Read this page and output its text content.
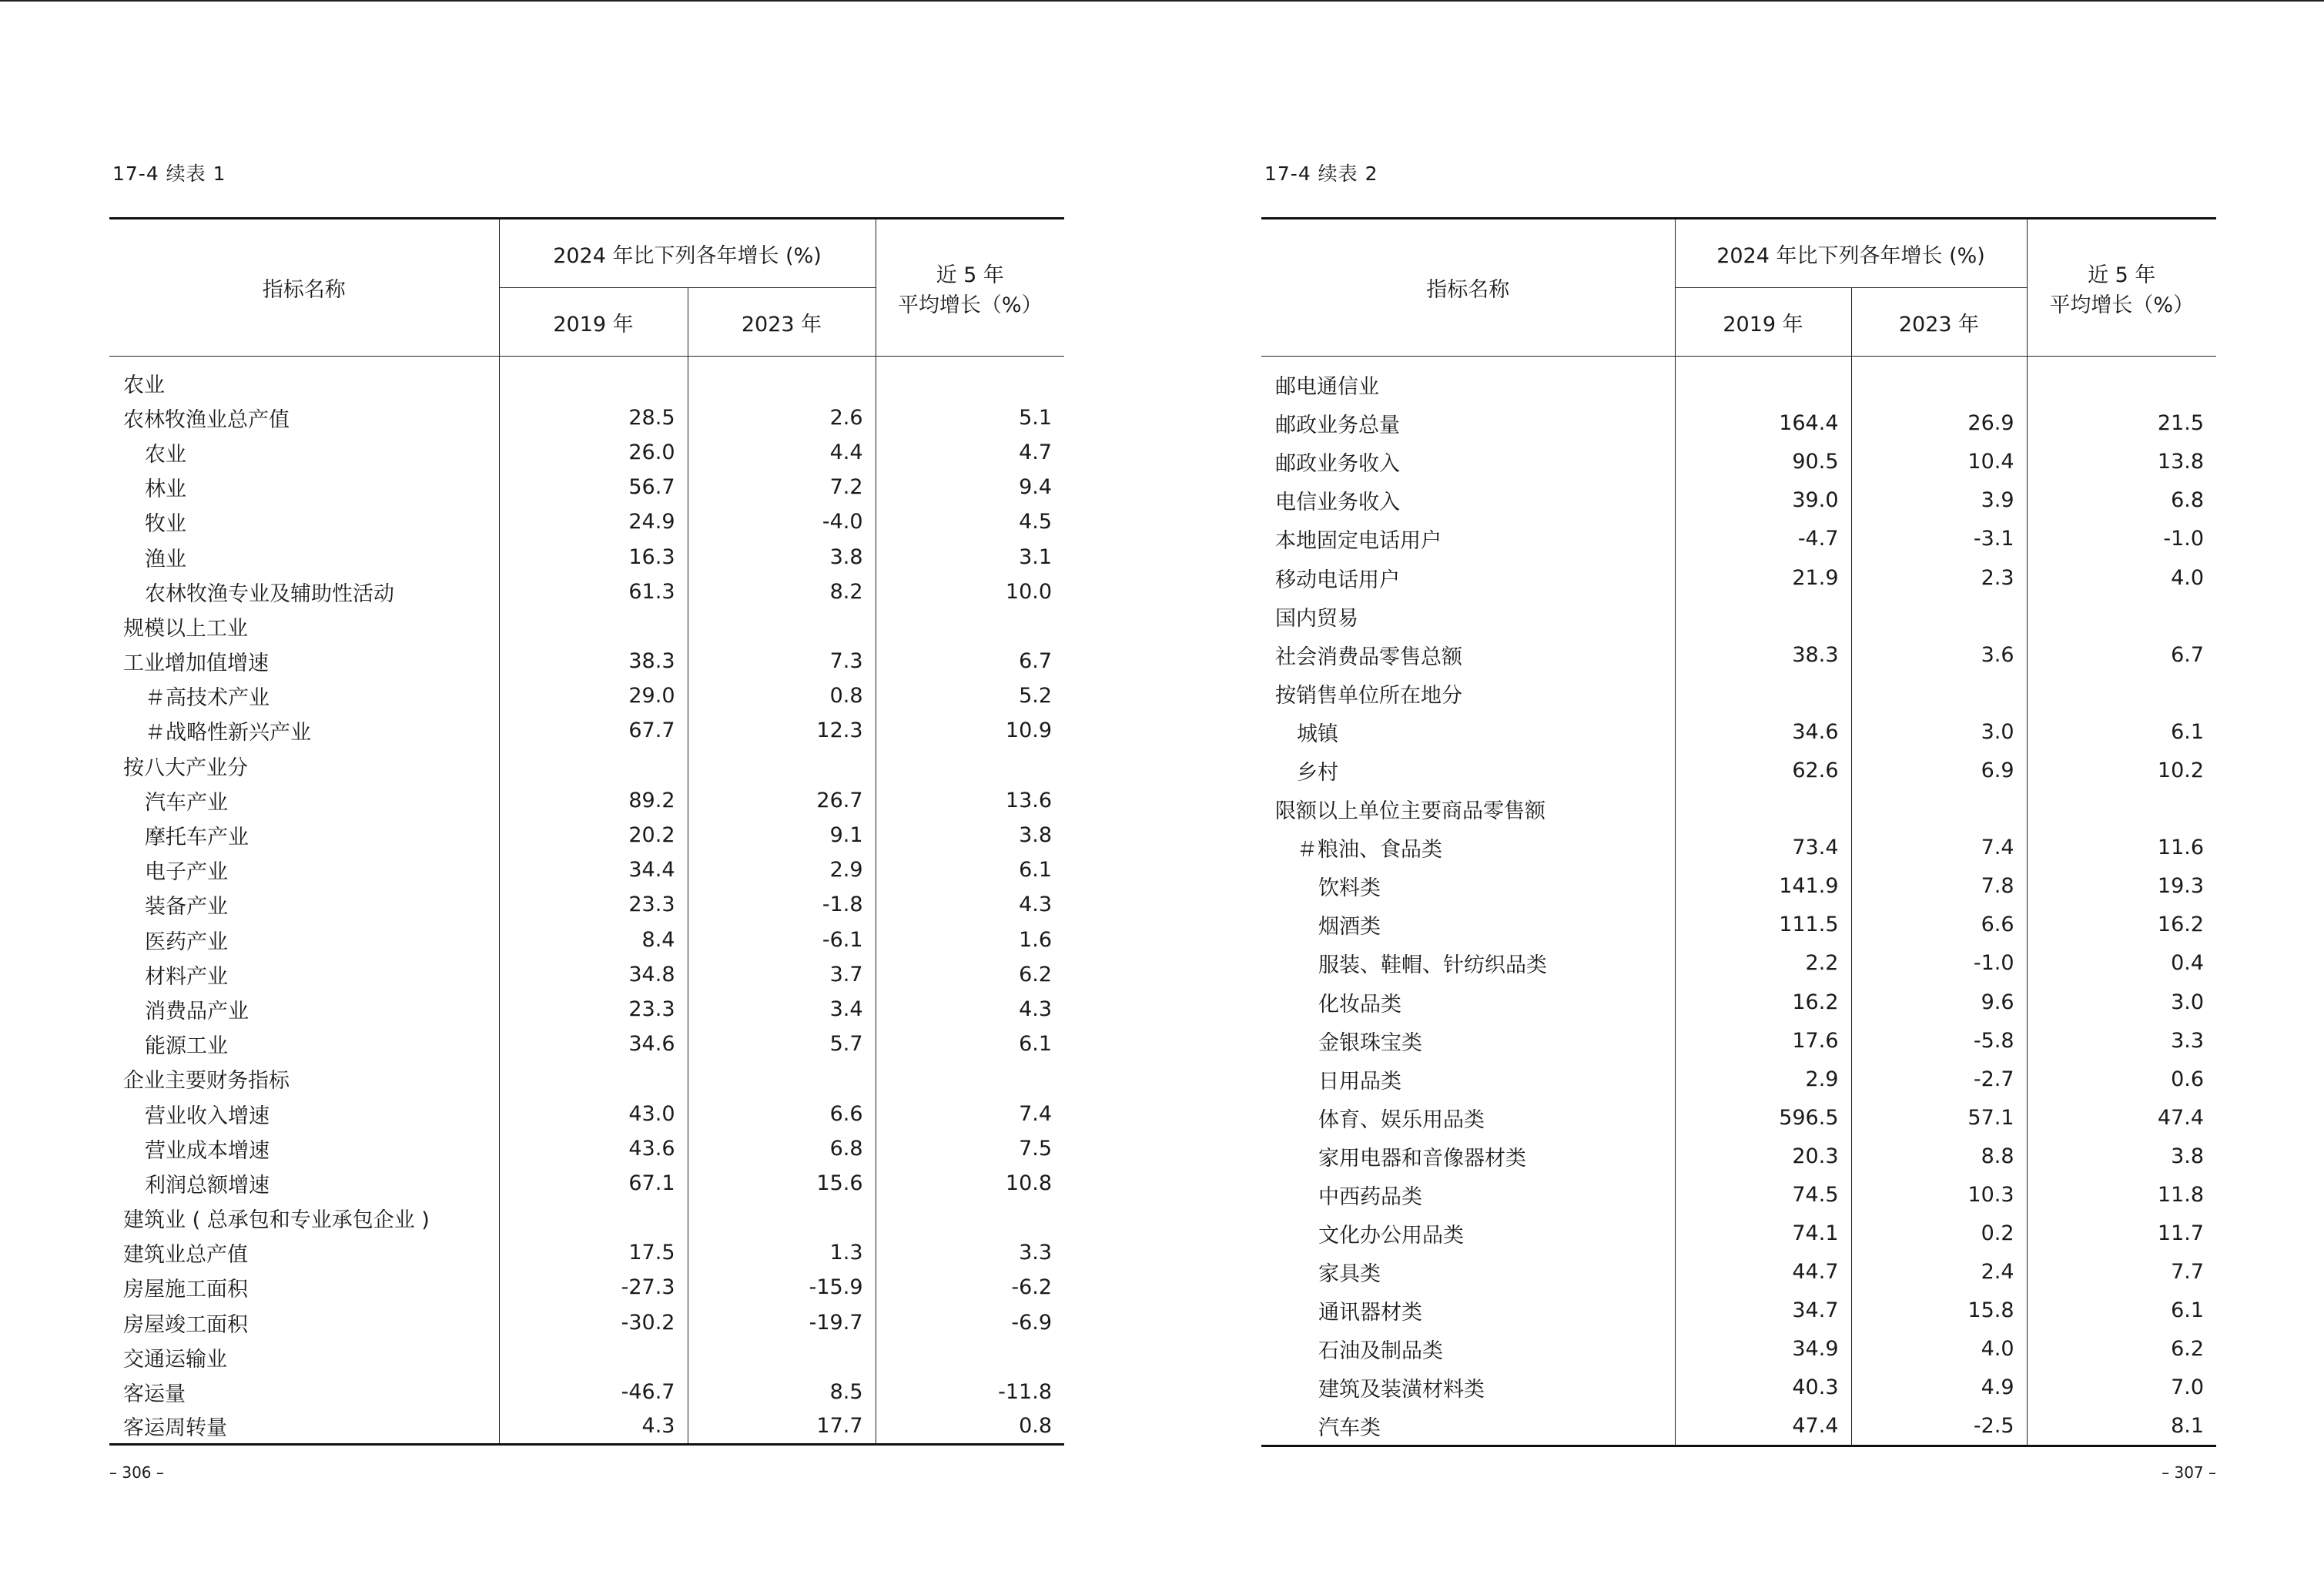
17-4 续表 1
指标名称	2024 年比下列各年增长 (%)		近 5 年
平均增长（%）

	2019 年	2023 年	
农业			
农林牧渔业总产值	28.5	2.6	5.1
农业	26.0	4.4	4.7
林业	56.7	7.2	9.4
牧业	24.9	-4.0	4.5
渔业	16.3	3.8	3.1
农林牧渔专业及辅助性活动	61.3	8.2	10.0
规模以上工业			
工业增加值增速	38.3	7.3	6.7
＃高技术产业	29.0	0.8	5.2
＃战略性新兴产业	67.7	12.3	10.9
按八大产业分			
汽车产业	89.2	26.7	13.6
摩托车产业	20.2	9.1	3.8
电子产业	34.4	2.9	6.1
装备产业	23.3	-1.8	4.3
医药产业	8.4	-6.1	1.6
材料产业	34.8	3.7	6.2
消费品产业	23.3	3.4	4.3
能源工业	34.6	5.7	6.1
企业主要财务指标			
营业收入增速	43.0	6.6	7.4
营业成本增速	43.6	6.8	7.5
利润总额增速	67.1	15.6	10.8
建筑业 ( 总承包和专业承包企业 )			
建筑业总产值	17.5	1.3	3.3
房屋施工面积	-27.3	-15.9	-6.2
房屋竣工面积	-30.2	-19.7	-6.9
交通运输业			
客运量	-46.7	8.5	-11.8
客运周转量	4.3	17.7	0.8
– 306 –
17-4 续表 2
指标名称	2024 年比下列各年增长 (%)		近 5 年
平均增长（%）

	2019 年	2023 年	
邮电通信业			
邮政业务总量	164.4	26.9	21.5
邮政业务收入	90.5	10.4	13.8
电信业务收入	39.0	3.9	6.8
本地固定电话用户	-4.7	-3.1	-1.0
移动电话用户	21.9	2.3	4.0
国内贸易			
社会消费品零售总额	38.3	3.6	6.7
按销售单位所在地分			
城镇	34.6	3.0	6.1
乡村	62.6	6.9	10.2
限额以上单位主要商品零售额			
＃粮油、食品类	73.4	7.4	11.6
饮料类	141.9	7.8	19.3
烟酒类	111.5	6.6	16.2
服装、鞋帽、针纺织品类	2.2	-1.0	0.4
化妆品类	16.2	9.6	3.0
金银珠宝类	17.6	-5.8	3.3
日用品类	2.9	-2.7	0.6
体育、娱乐用品类	596.5	57.1	47.4
家用电器和音像器材类	20.3	8.8	3.8
中西药品类	74.5	10.3	11.8
文化办公用品类	74.1	0.2	11.7
家具类	44.7	2.4	7.7
通讯器材类	34.7	15.8	6.1
石油及制品类	34.9	4.0	6.2
建筑及装潢材料类	40.3	4.9	7.0
汽车类	47.4	-2.5	8.1
– 307 –
